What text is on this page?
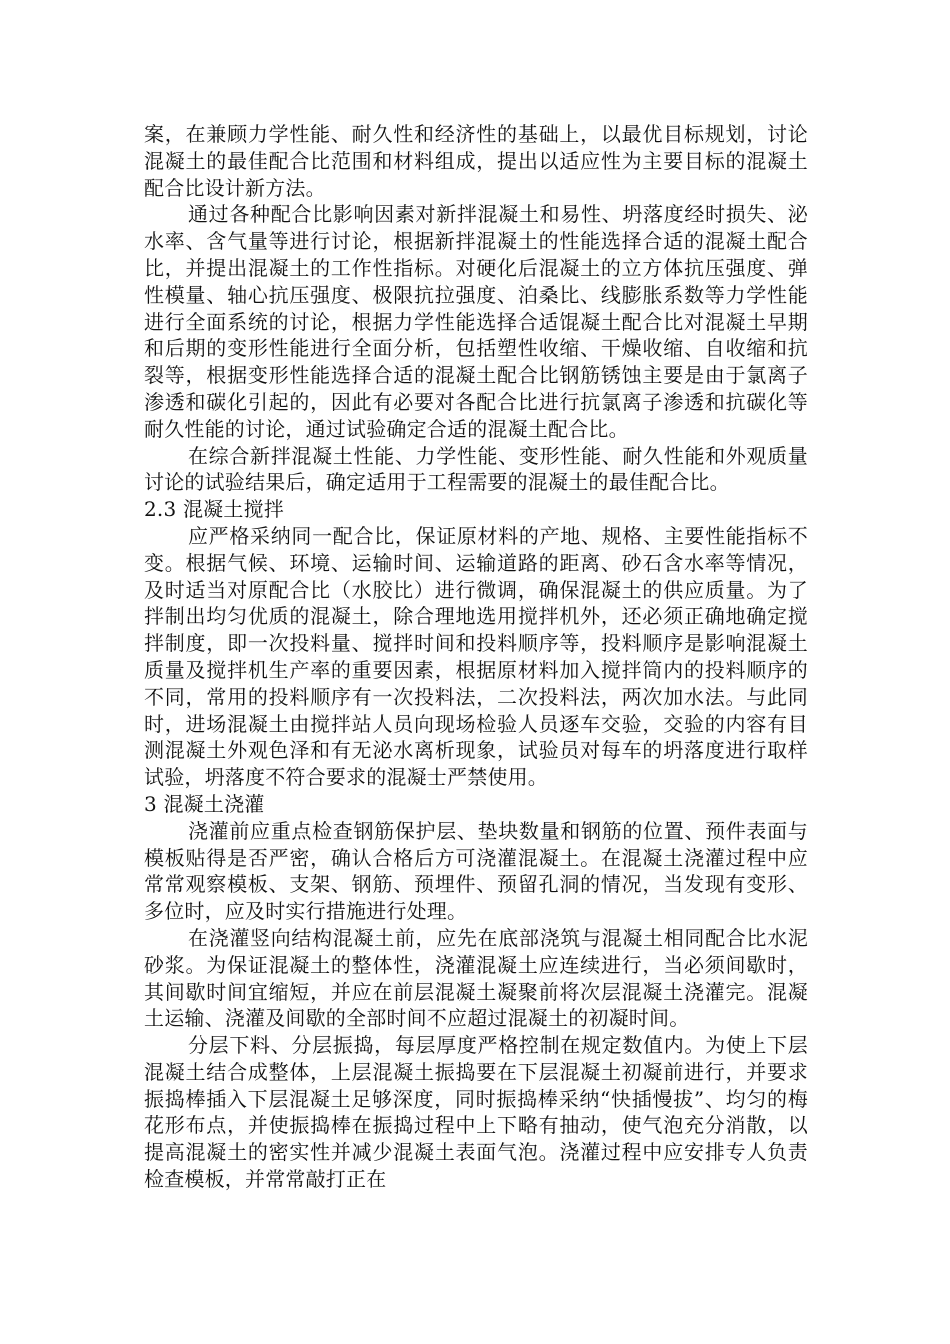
案，在兼顾力学性能、耐久性和经济性的基础上，以最优目标规划，讨论混凝土的最佳配合比范围和材料组成，提出以适应性为主要目标的混凝土配合比设计新方法。

通过各种配合比影响因素对新拌混凝土和易性、坍落度经时损失、泌水率、含气量等进行讨论，根据新拌混凝土的性能选择合适的混凝土配合比，并提出混凝土的工作性指标。对硬化后混凝土的立方体抗压强度、弹性模量、轴心抗压强度、极限抗拉强度、泊桑比、线膨胀系数等力学性能进行全面系统的讨论，根据力学性能选择合适馄凝土配合比对混凝土早期和后期的变形性能进行全面分析，包括塑性收缩、干燥收缩、自收缩和抗裂等，根据变形性能选择合适的混凝土配合比钢筋锈蚀主要是由于氯离子渗透和碳化引起的，因此有必要对各配合比进行抗氯离子渗透和抗碳化等耐久性能的讨论，通过试验确定合适的混凝土配合比。

在综合新拌混凝土性能、力学性能、变形性能、耐久性能和外观质量讨论的试验结果后，确定适用于工程需要的混凝土的最佳配合比。

2.3 混凝土搅拌

应严格采纳同一配合比，保证原材料的产地、规格、主要性能指标不变。根据气候、环境、运输时间、运输道路的距离、砂石含水率等情况，及时适当对原配合比（水胶比）进行微调，确保混凝土的供应质量。为了拌制出均匀优质的混凝土，除合理地选用搅拌机外，还必须正确地确定搅拌制度，即一次投料量、搅拌时间和投料顺序等，投料顺序是影响混凝土质量及搅拌机生产率的重要因素，根据原材料加入搅拌筒内的投料顺序的不同，常用的投料顺序有一次投料法，二次投料法，两次加水法。与此同时，进场混凝土由搅拌站人员向现场检验人员逐车交验，交验的内容有目测混凝土外观色泽和有无泌水离析现象，试验员对每车的坍落度进行取样试验，坍落度不符合要求的混凝士严禁使用。

3 混凝土浇灌

浇灌前应重点检查钢筋保护层、垫块数量和钢筋的位置、预件表面与模板贴得是否严密，确认合格后方可浇灌混凝土。在混凝土浇灌过程中应常常观察模板、支架、钢筋、预埋件、预留孔洞的情况，当发现有变形、多位时，应及时实行措施进行处理。

在浇灌竖向结构混凝土前，应先在底部浇筑与混凝土相同配合比水泥砂浆。为保证混凝土的整体性，浇灌混凝土应连续进行，当必须间歇时，其间歇时间宜缩短，并应在前层混凝土凝聚前将次层混凝土浇灌完。混凝土运输、浇灌及间歇的全部时间不应超过混凝土的初凝时间。

分层下料、分层振捣，每层厚度严格控制在规定数值内。为使上下层混凝土结合成整体，上层混凝土振捣要在下层混凝土初凝前进行，并要求振捣棒插入下层混凝土足够深度，同时振捣棒采纳“快插慢拔”、均匀的梅花形布点，并使振捣棒在振捣过程中上下略有抽动，使气泡充分消散，以提高混凝土的密实性并减少混凝土表面气泡。浇灌过程中应安排专人负责检查模板，并常常敲打正在
